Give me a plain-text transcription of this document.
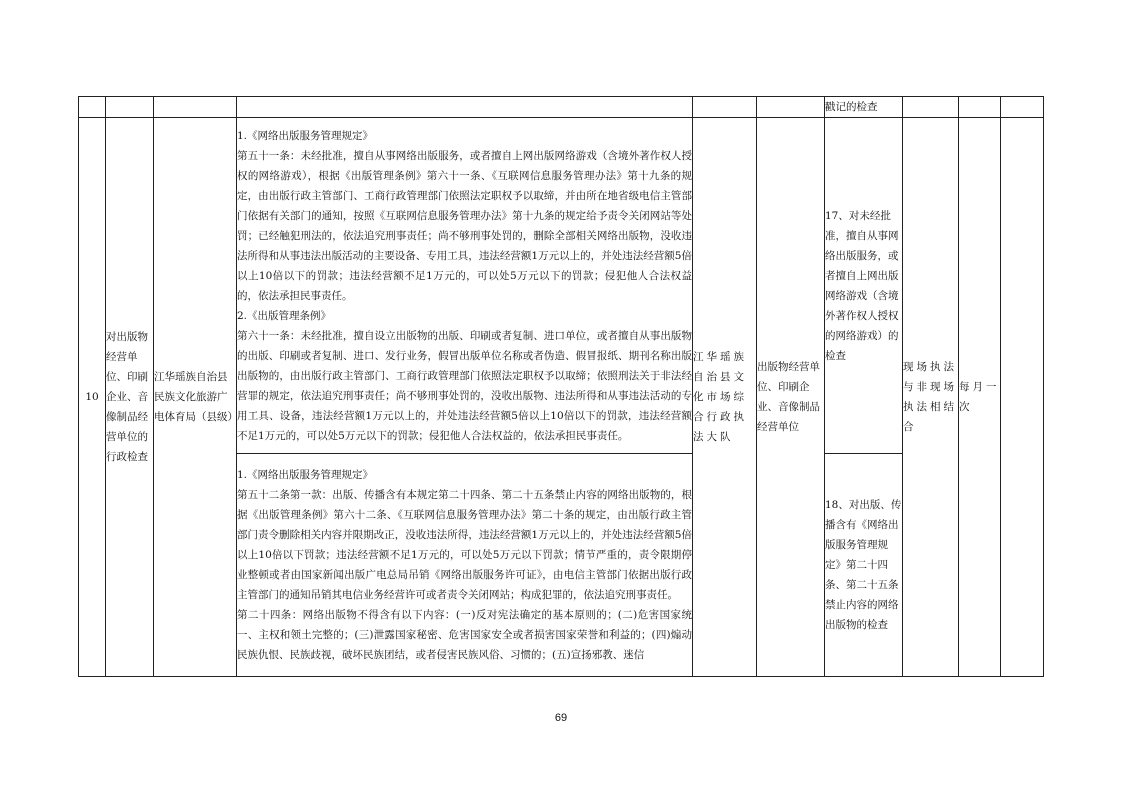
						戳记的检查			
10	对出版物经营单位、印刷企业、音像制品经营单位的行政检查	江华瑶族自治县民族文化旅游广电体育局（县级）	1.《网络出版服务管理规定》

第五十一条：未经批准，擅自从事网络出版服务，或者擅自上网出版网络游戏（含境外著作权人授权的网络游戏），根据《出版管理条例》第六十一条、《互联网信息服务管理办法》第十九条的规定，由出版行政主管部门、工商行政管理部门依照法定职权予以取缔，并由所在地省级电信主管部门依据有关部门的通知，按照《互联网信息服务管理办法》第十九条的规定给予责令关闭网站等处罚；已经触犯刑法的，依法追究刑事责任；尚不够刑事处罚的，删除全部相关网络出版物，没收违法所得和从事违法出版活动的主要设备、专用工具，违法经营额1万元以上的，并处违法经营额5倍以上10倍以下的罚款；违法经营额不足1万元的，可以处5万元以下的罚款；侵犯他人合法权益的，依法承担民事责任。

2.《出版管理条例》

第六十一条：未经批准，擅自设立出版物的出版、印刷或者复制、进口单位，或者擅自从事出版物的出版、印刷或者复制、进口、发行业务，假冒出版单位名称或者伪造、假冒报纸、期刊名称出版出版物的，由出版行政主管部门、工商行政管理部门依照法定职权予以取缔；依照刑法关于非法经营罪的规定，依法追究刑事责任；尚不够刑事处罚的，没收出版物、违法所得和从事违法活动的专用工具、设备，违法经营额1万元以上的，并处违法经营额5倍以上10倍以下的罚款，违法经营额不足1万元的，可以处5万元以下的罚款；侵犯他人合法权益的，依法承担民事责任。	江华瑶族自治县文化市场综合行政执法大队	出版物经营单位、印刷企业、音像制品经营单位	17、对未经批准，擅自从事网络出版服务，或者擅自上网出版网络游戏（含境外著作权人授权的网络游戏）的检查	现场执法与非现场执法相结合	每月一次	

			1.《网络出版服务管理规定》

第五十二条第一款：出版、传播含有本规定第二十四条、第二十五条禁止内容的网络出版物的，根据《出版管理条例》第六十二条、《互联网信息服务管理办法》第二十条的规定，由出版行政主管部门责令删除相关内容并限期改正，没收违法所得，违法经营额1万元以上的，并处违法经营额5倍以上10倍以下罚款；违法经营额不足1万元的，可以处5万元以下罚款；情节严重的，责令限期停业整顿或者由国家新闻出版广电总局吊销《网络出版服务许可证》，由电信主管部门依据出版行政主管部门的通知吊销其电信业务经营许可或者责令关闭网站；构成犯罪的，依法追究刑事责任。

第二十四条：网络出版物不得含有以下内容：(一)反对宪法确定的基本原则的；(二)危害国家统一、主权和领土完整的；(三)泄露国家秘密、危害国家安全或者损害国家荣誉和利益的；(四)煽动民族仇恨、民族歧视，破坏民族团结，或者侵害民族风俗、习惯的；(五)宣扬邪教、迷信			18、对出版、传播含有《网络出版服务管理规定》第二十四条、第二十五条禁止内容的网络出版物的检查			
69
